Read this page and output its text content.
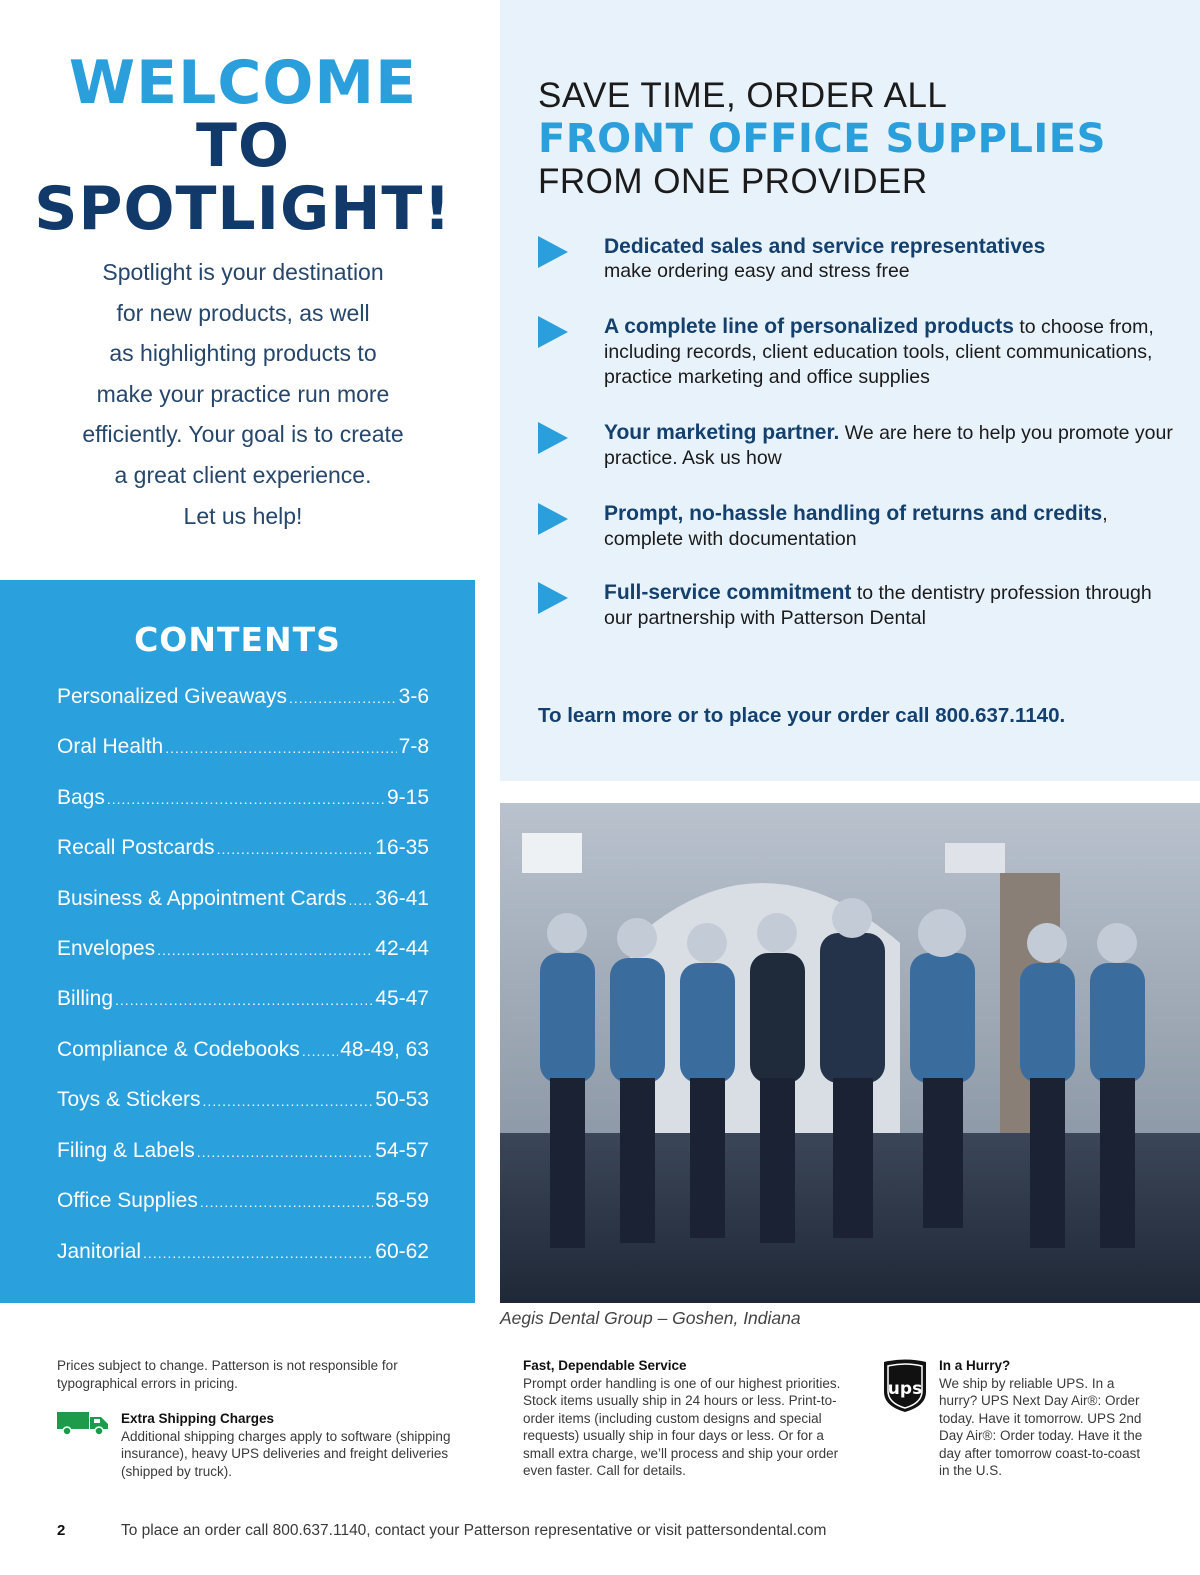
WELCOME
TO
SPOTLIGHT!
Spotlight is your destination
for new products, as well
as highlighting products to
make your practice run more
efficiently. Your goal is to create
a great client experience.
Let us help!
CONTENTS
Personalized Giveaways .....	3-6
Oral Health .....	7-8
Bags .....	9-15
Recall Postcards .....	16-35
Business & Appointment Cards ..... 36-41
Envelopes .....	42-44
Billing .....	45-47
Compliance & Codebooks ..... 48-49, 63
Toys & Stickers .....	50-53
Filing & Labels .....	54-57
Office Supplies .....	58-59
Janitorial .....	60-62
SAVE TIME, ORDER ALL
FRONT OFFICE SUPPLIES
FROM ONE PROVIDER
Dedicated sales and service representatives
make ordering easy and stress free
A complete line of personalized products to choose from, including records, client education tools, client communications, practice marketing and office supplies
Your marketing partner. We are here to help you promote your practice. Ask us how
Prompt, no-hassle handling of returns and credits, complete with documentation
Full-service commitment to the dentistry profession through our partnership with Patterson Dental
To learn more or to place your order call 800.637.1140.
Aegis Dental Group – Goshen, Indiana
Prices subject to change. Patterson is not responsible for typographical errors in pricing.
Extra Shipping Charges
Additional shipping charges apply to software (shipping insurance), heavy UPS deliveries and freight deliveries (shipped by truck).
Fast, Dependable Service
Prompt order handling is one of our highest priorities. Stock items usually ship in 24 hours or less. Print-to-order items (including custom designs and special requests) usually ship in four days or less. Or for a small extra charge, we’ll process and ship your order even faster. Call for details.
ups
In a Hurry?
We ship by reliable UPS. In a hurry? UPS Next Day Air®: Order today. Have it tomorrow. UPS 2nd Day Air®: Order today. Have it the day after tomorrow coast-to-coast in the U.S.
2	To place an order call 800.637.1140, contact your Patterson representative or visit pattersondental.com
